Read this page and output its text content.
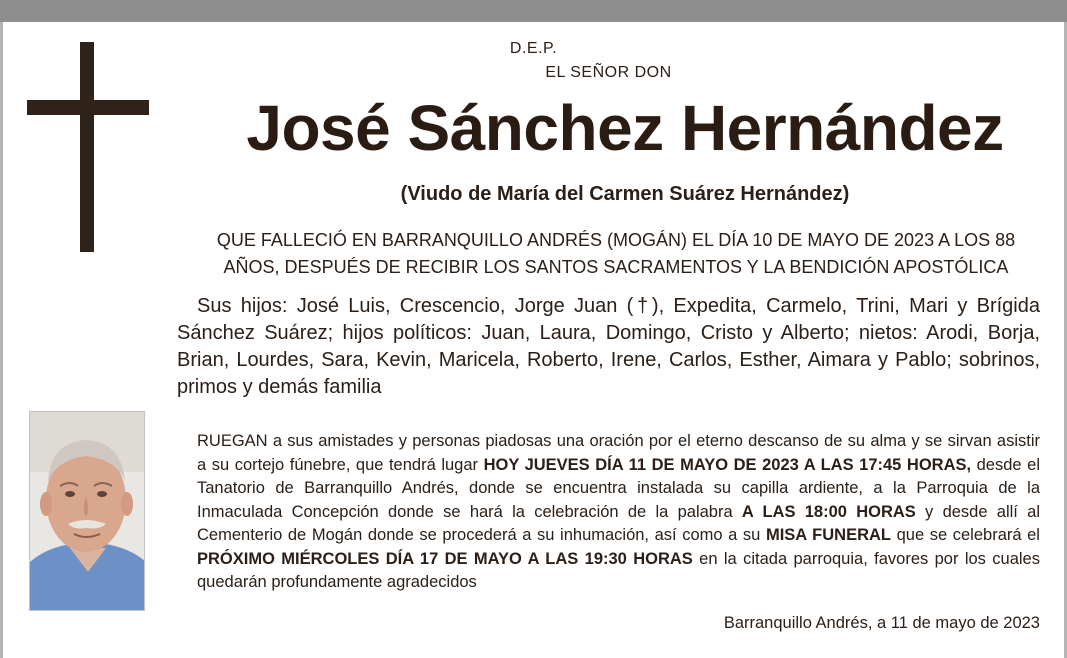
D.E.P.
EL SEÑOR DON
José Sánchez Hernández
(Viudo de María del Carmen Suárez Hernández)
QUE FALLECIÓ EN BARRANQUILLO ANDRÉS (MOGÁN) EL DÍA 10 DE MAYO DE 2023 A LOS 88
AÑOS, DESPUÉS DE RECIBIR LOS SANTOS SACRAMENTOS Y LA BENDICIÓN APOSTÓLICA
Sus hijos: José Luis, Crescencio, Jorge Juan (†), Expedita, Carmelo, Trini, Mari y Brígida Sánchez Suárez; hijos políticos: Juan, Laura, Domingo, Cristo y Alberto; nietos: Arodi, Borja, Brian, Lourdes, Sara, Kevin, Maricela, Roberto, Irene, Carlos, Esther, Aimara y Pablo; sobrinos, primos y demás familia
RUEGAN a sus amistades y personas piadosas una oración por el eterno descanso de su alma y se sirvan asistir a su cortejo fúnebre, que tendrá lugar HOY JUEVES DÍA 11 DE MAYO DE 2023 A LAS 17:45 HORAS, desde el Tanatorio de Barranquillo Andrés, donde se encuentra instalada su capilla ardiente, a la Parroquia de la Inmaculada Concepción donde se hará la celebración de la palabra A LAS 18:00 HORAS y desde allí al Cementerio de Mogán donde se procederá a su inhumación, así como a su MISA FUNERAL que se celebrará el PRÓXIMO MIÉRCOLES DÍA 17 DE MAYO A LAS 19:30 HORAS en la citada parroquia, favores por los cuales quedarán profundamente agradecidos
Barranquillo Andrés, a 11 de mayo de 2023
